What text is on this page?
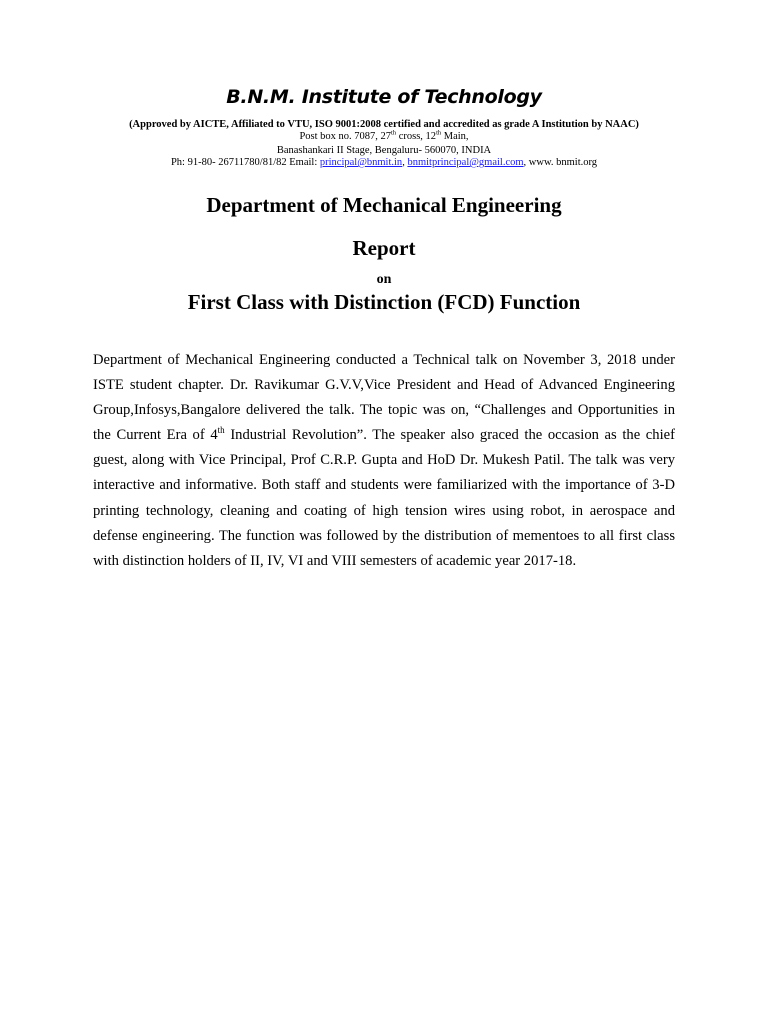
B.N.M. Institute of Technology
(Approved by AICTE, Affiliated to VTU, ISO 9001:2008 certified and accredited as grade A Institution by NAAC)
Post box no. 7087, 27th cross, 12th Main,
Banashankari II Stage, Bengaluru- 560070, INDIA
Ph: 91-80- 26711780/81/82 Email: principal@bnmit.in, bnmitprincipal@gmail.com, www. bnmit.org
Department of Mechanical Engineering
Report
on
First Class with Distinction (FCD) Function

Department of Mechanical Engineering conducted a Technical talk on November 3, 2018 under ISTE student chapter. Dr. Ravikumar G.V.V,Vice President and Head of Advanced Engineering Group,Infosys,Bangalore delivered the talk. The topic was on, “Challenges and Opportunities in the Current Era of 4th Industrial Revolution”. The speaker also graced the occasion as the chief guest, along with Vice Principal, Prof C.R.P. Gupta and HoD Dr. Mukesh Patil. The talk was very interactive and informative. Both staff and students were familiarized with the importance of 3-D printing technology, cleaning and coating of high tension wires using robot, in aerospace and defense engineering. The function was followed by the distribution of mementoes to all first class with distinction holders of II, IV, VI and VIII semesters of academic year 2017-18.
